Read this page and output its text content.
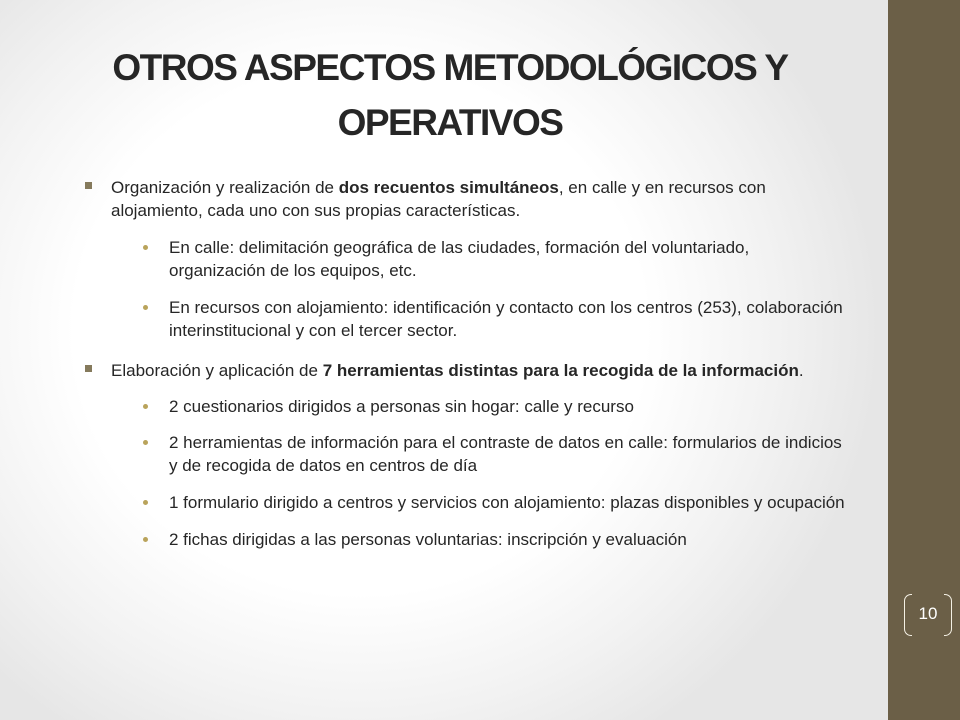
10
OTROS ASPECTOS METODOLÓGICOS Y OPERATIVOS

Organización y realización de dos recuentos simultáneos, en calle y en recursos con alojamiento, cada uno con sus propias características.

En calle: delimitación geográfica de las ciudades, formación del voluntariado, organización de los equipos, etc.

En recursos con alojamiento: identificación y contacto con los centros (253), colaboración interinstitucional y con el tercer sector.

Elaboración y aplicación de 7 herramientas distintas para la recogida de la información.

2 cuestionarios dirigidos a personas sin hogar: calle y recurso

2 herramientas de información para el contraste de datos en calle: formularios de indicios y de recogida de datos en centros de día

1 formulario dirigido a centros y servicios con alojamiento: plazas disponibles y ocupación

2 fichas dirigidas a las personas voluntarias: inscripción y evaluación
